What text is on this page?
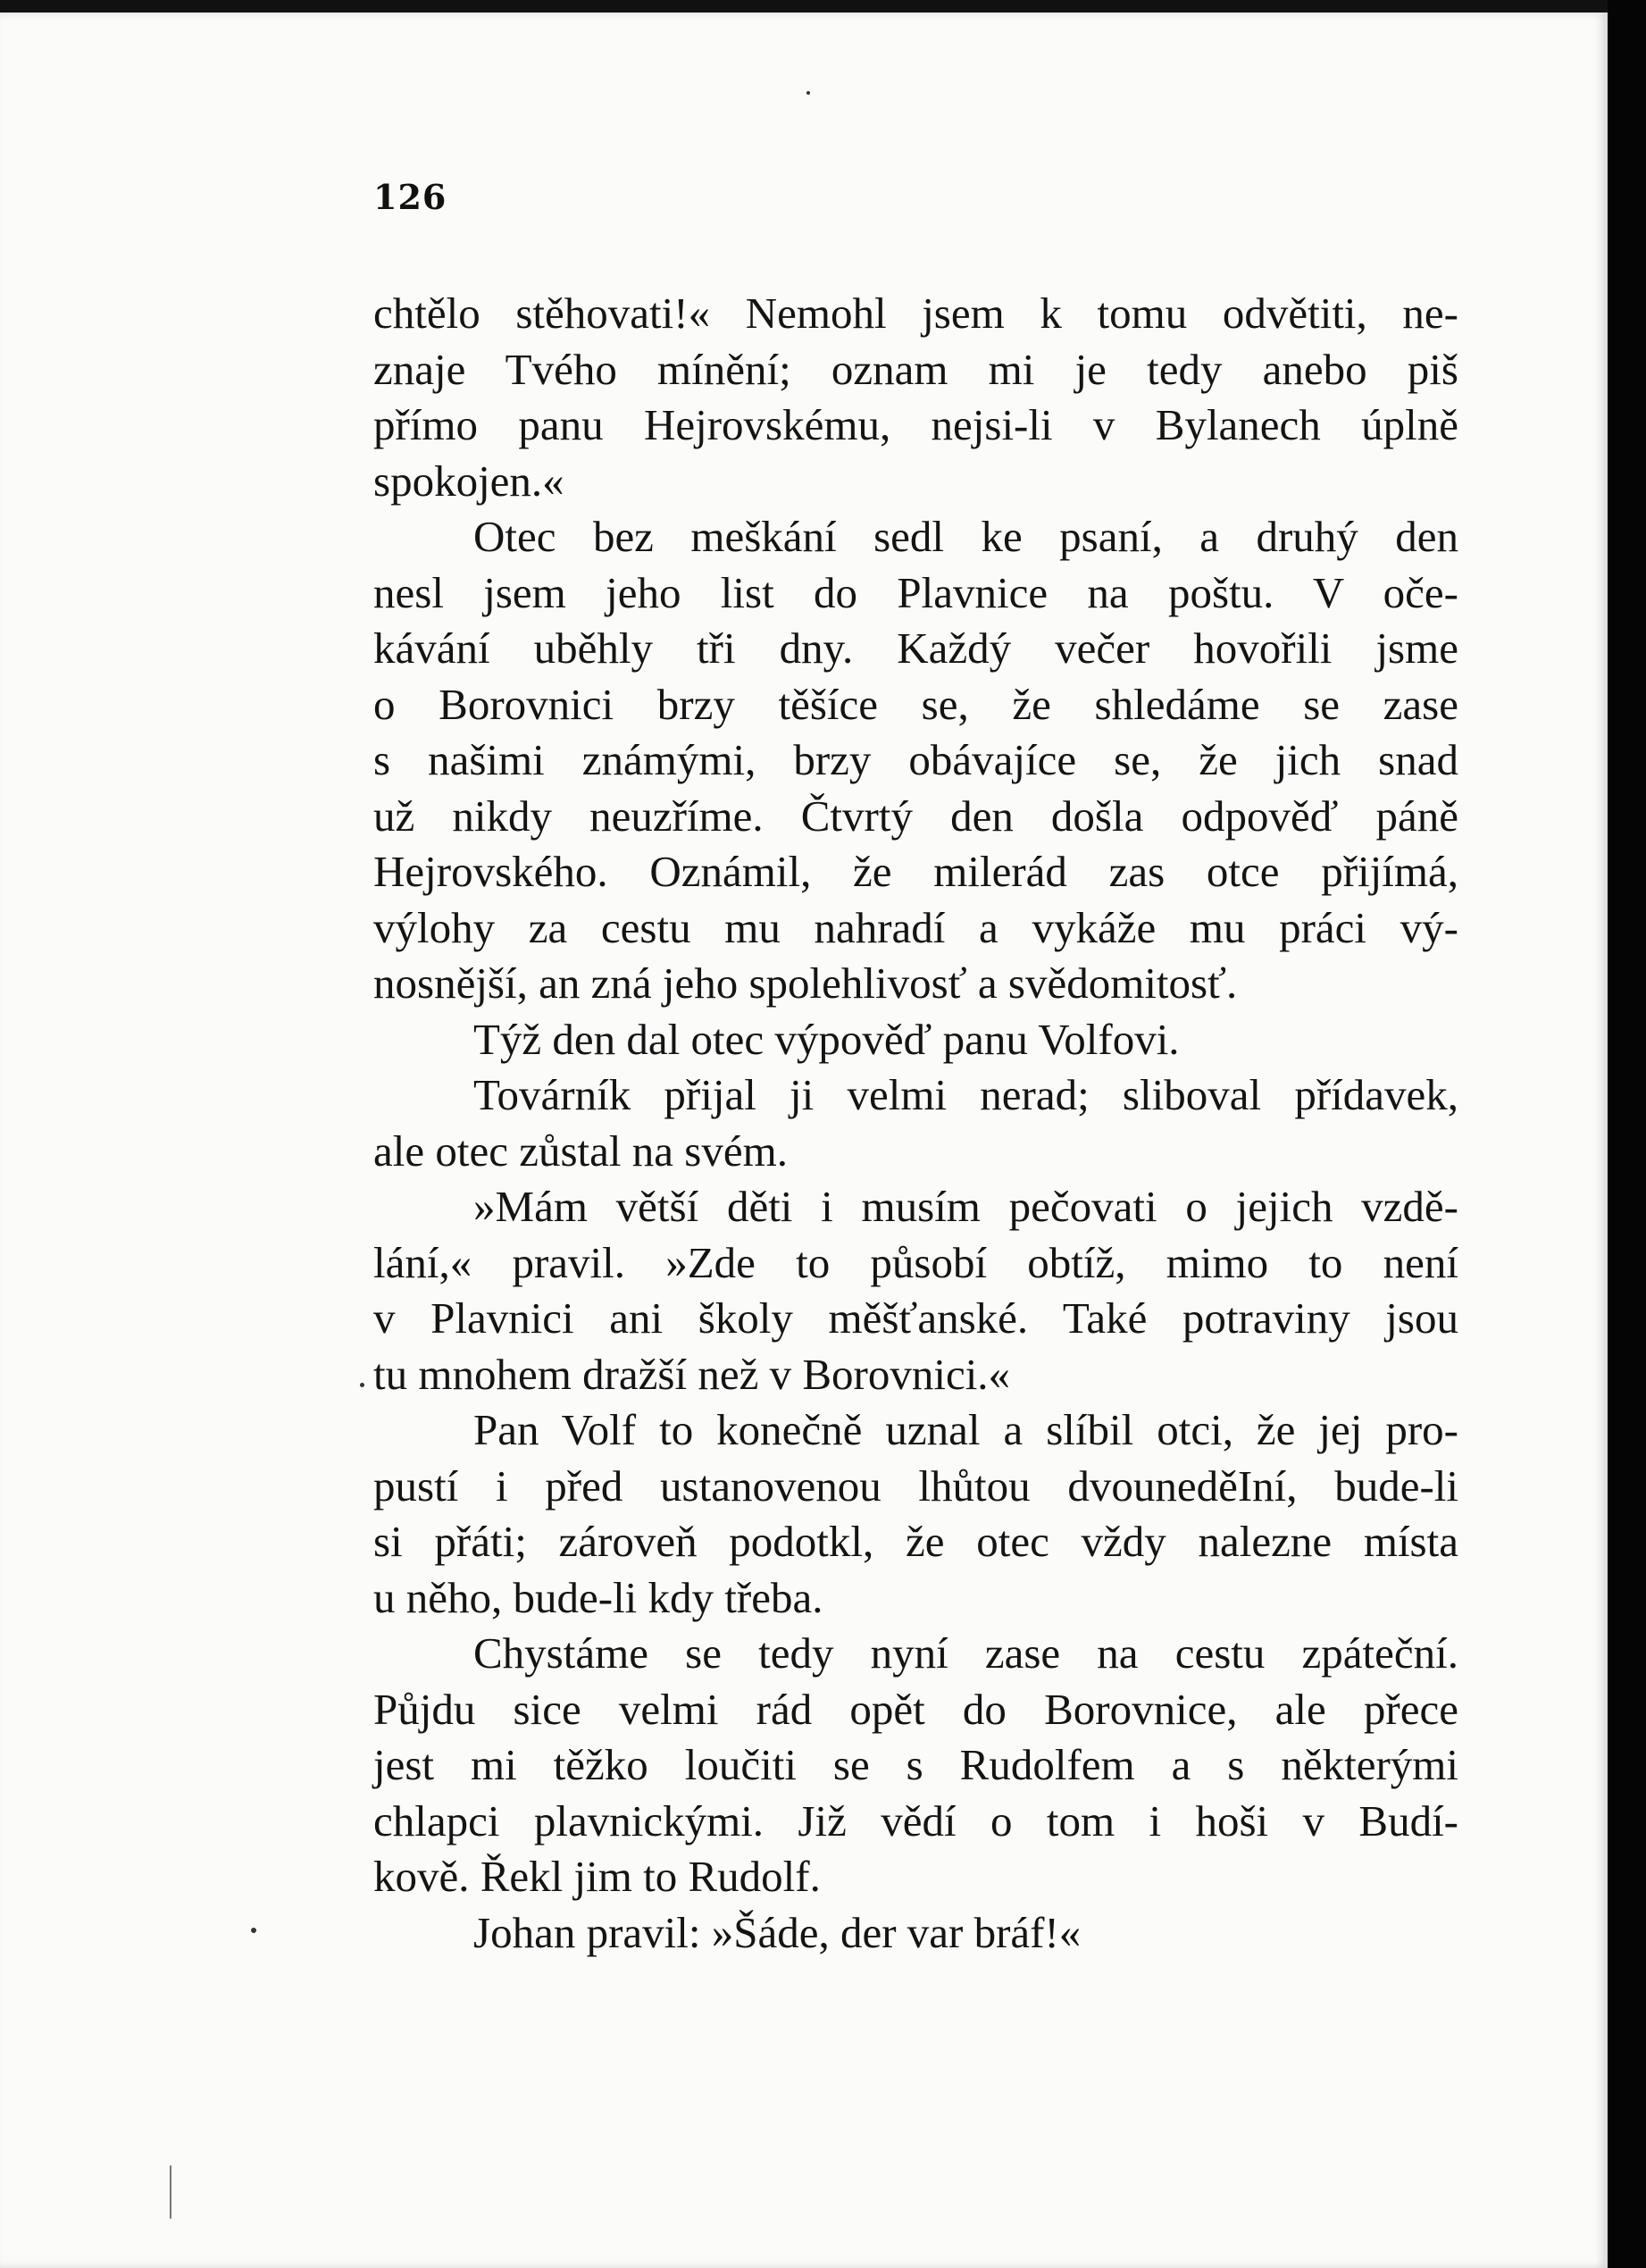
126
chtělo stěhovati!« Nemohl jsem k tomu odvětiti, ne-
znaje Tvého mínění; oznam mi je tedy anebo piš
přímo panu Hejrovskému, nejsi-li v Bylanech úplně
spokojen.«
Otec bez meškání sedl ke psaní, a druhý den
nesl jsem jeho list do Plavnice na poštu. V oče-
kávání uběhly tři dny. Každý večer hovořili jsme
o Borovnici brzy těšíce se, že shledáme se zase
s našimi známými, brzy obávajíce se, že jich snad
už nikdy neuzříme. Čtvrtý den došla odpověď páně
Hejrovského. Oznámil, že milerád zas otce přijímá,
výlohy za cestu mu nahradí a vykáže mu práci vý-
nosnější, an zná jeho spolehlivosť a svědomitosť.
Týž den dal otec výpověď panu Volfovi.
Továrník přijal ji velmi nerad; sliboval přídavek,
ale otec zůstal na svém.
»Mám větší děti i musím pečovati o jejich vzdě-
lání,« pravil. »Zde to působí obtíž, mimo to není
v Plavnici ani školy měšťanské. Také potraviny jsou
tu mnohem dražší než v Borovnici.«
Pan Volf to konečně uznal a slíbil otci, že jej pro-
pustí i před ustanovenou lhůtou dvouneděIní, bude-li
si přáti; zároveň podotkl, že otec vždy nalezne místa
u něho, bude-li kdy třeba.
Chystáme se tedy nyní zase na cestu zpáteční.
Půjdu sice velmi rád opět do Borovnice, ale přece
jest mi těžko loučiti se s Rudolfem a s některými
chlapci plavnickými. Již vědí o tom i hoši v Budí-
kově. Řekl jim to Rudolf.
Johan pravil: »Šáde, der var bráf!«
